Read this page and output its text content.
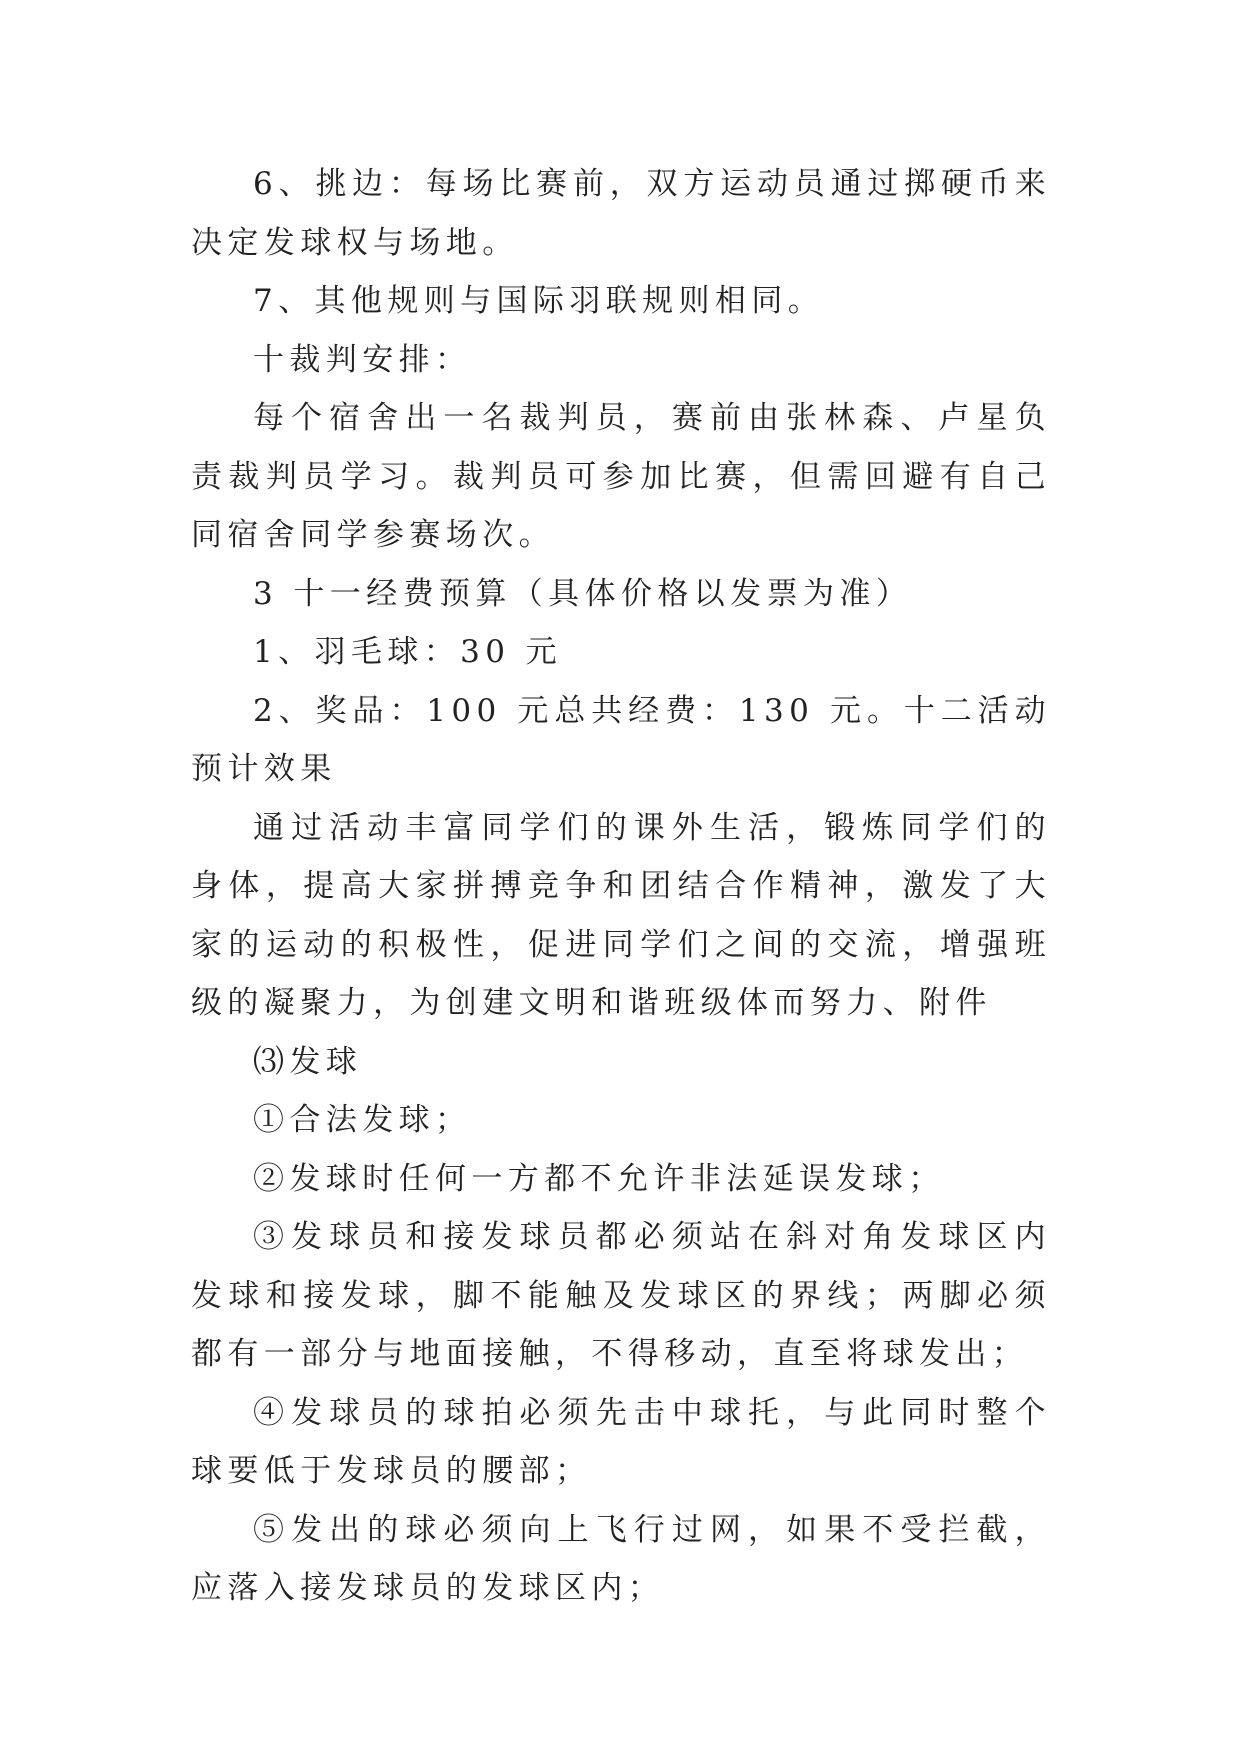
6、挑边：每场比赛前，双方运动员通过掷硬币来决定发球权与场地。

7、其他规则与国际羽联规则相同。

十裁判安排：

每个宿舍出一名裁判员，赛前由张林森、卢星负责裁判员学习。裁判员可参加比赛，但需回避有自己同宿舍同学参赛场次。

3 十一经费预算（具体价格以发票为准）

1、羽毛球：30 元

2、奖品：100 元总共经费：130 元。十二活动预计效果

通过活动丰富同学们的课外生活，锻炼同学们的身体，提高大家拼搏竞争和团结合作精神，激发了大家的运动的积极性，促进同学们之间的交流，增强班级的凝聚力，为创建文明和谐班级体而努力、附件

⑶发球

①合法发球；

②发球时任何一方都不允许非法延误发球；

③发球员和接发球员都必须站在斜对角发球区内发球和接发球，脚不能触及发球区的界线；两脚必须都有一部分与地面接触，不得移动，直至将球发出；

④发球员的球拍必须先击中球托，与此同时整个球要低于发球员的腰部；

⑤发出的球必须向上飞行过网，如果不受拦截，应落入接发球员的发球区内；
